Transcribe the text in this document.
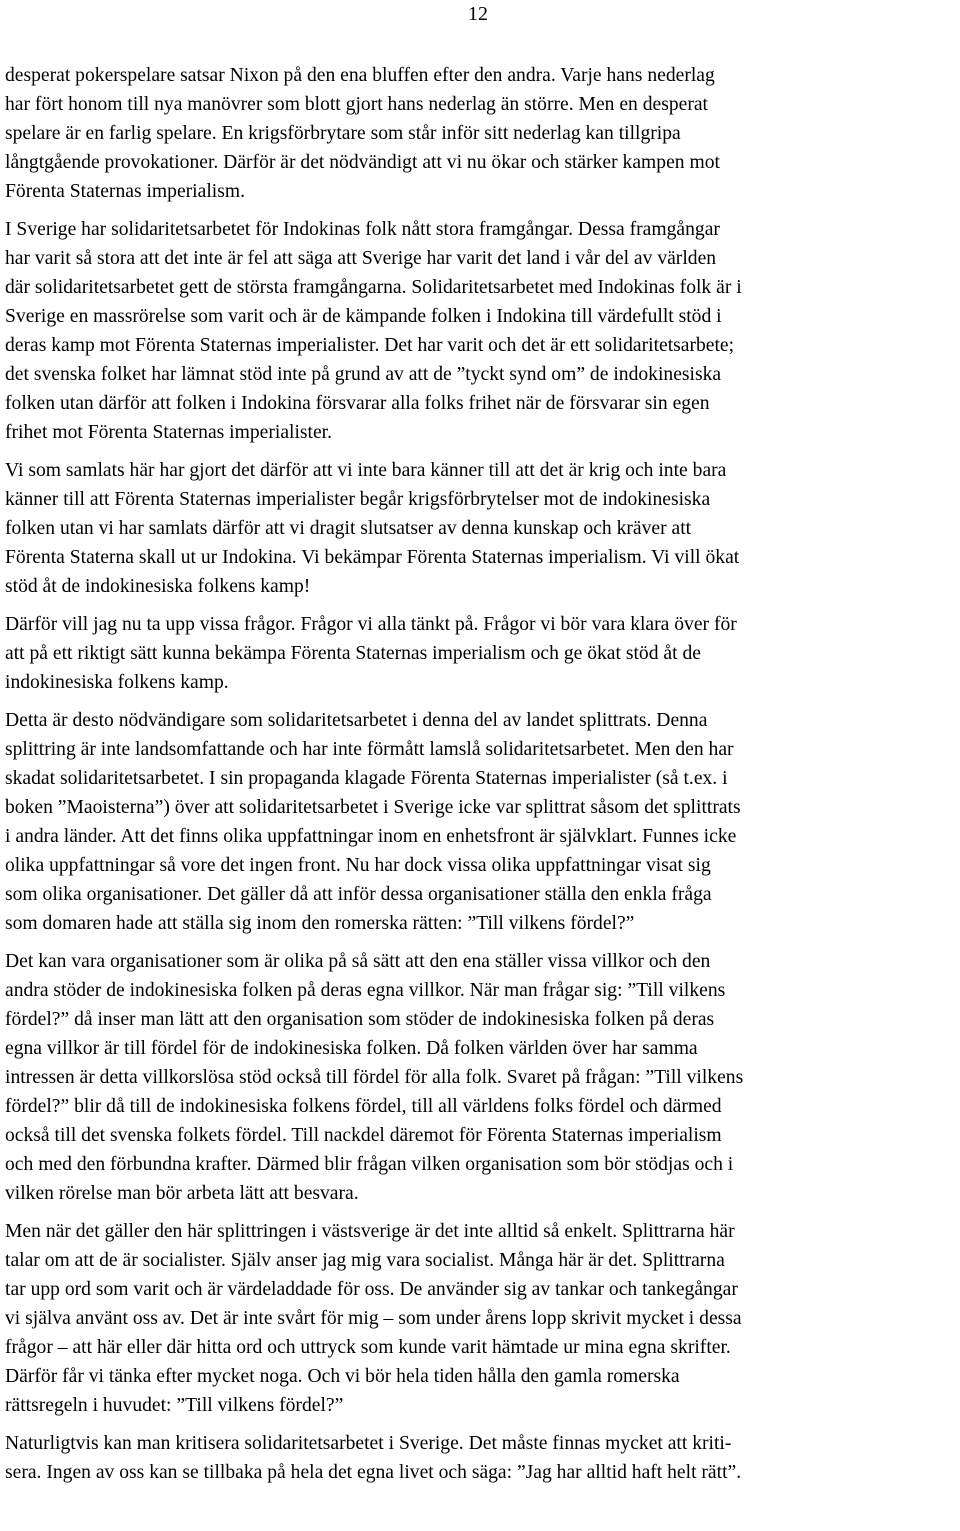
12

desperat pokerspelare satsar Nixon på den ena bluffen efter den andra. Varje hans nederlag
har fört honom till nya manövrer som blott gjort hans nederlag än större. Men en desperat
spelare är en farlig spelare. En krigsförbrytare som står inför sitt nederlag kan tillgripa
långtgående provokationer. Därför är det nödvändigt att vi nu ökar och stärker kampen mot
Förenta Staternas imperialism.

I Sverige har solidaritetsarbetet för Indokinas folk nått stora framgångar. Dessa framgångar
har varit så stora att det inte är fel att säga att Sverige har varit det land i vår del av världen
där solidaritetsarbetet gett de största framgångarna. Solidaritetsarbetet med Indokinas folk är i
Sverige en massrörelse som varit och är de kämpande folken i Indokina till värdefullt stöd i
deras kamp mot Förenta Staternas imperialister. Det har varit och det är ett solidaritetsarbete;
det svenska folket har lämnat stöd inte på grund av att de ”tyckt synd om” de indokinesiska
folken utan därför att folken i Indokina försvarar alla folks frihet när de försvarar sin egen
frihet mot Förenta Staternas imperialister.

Vi som samlats här har gjort det därför att vi inte bara känner till att det är krig och inte bara
känner till att Förenta Staternas imperialister begår krigsförbrytelser mot de indokinesiska
folken utan vi har samlats därför att vi dragit slutsatser av denna kunskap och kräver att
Förenta Staterna skall ut ur Indokina. Vi bekämpar Förenta Staternas imperialism. Vi vill ökat
stöd åt de indokinesiska folkens kamp!

Därför vill jag nu ta upp vissa frågor. Frågor vi alla tänkt på. Frågor vi bör vara klara över för
att på ett riktigt sätt kunna bekämpa Förenta Staternas imperialism och ge ökat stöd åt de
indokinesiska folkens kamp.

Detta är desto nödvändigare som solidaritetsarbetet i denna del av landet splittrats. Denna
splittring är inte landsomfattande och har inte förmått lamslå solidaritetsarbetet. Men den har
skadat solidaritetsarbetet. I sin propaganda klagade Förenta Staternas imperialister (så t.ex. i
boken ”Maoisterna”) över att solidaritetsarbetet i Sverige icke var splittrat såsom det splittrats
i andra länder. Att det finns olika uppfattningar inom en enhetsfront är självklart. Funnes icke
olika uppfattningar så vore det ingen front. Nu har dock vissa olika uppfattningar visat sig
som olika organisationer. Det gäller då att inför dessa organisationer ställa den enkla fråga
som domaren hade att ställa sig inom den romerska rätten: ”Till vilkens fördel?”

Det kan vara organisationer som är olika på så sätt att den ena ställer vissa villkor och den
andra stöder de indokinesiska folken på deras egna villkor. När man frågar sig: ”Till vilkens
fördel?” då inser man lätt att den organisation som stöder de indokinesiska folken på deras
egna villkor är till fördel för de indokinesiska folken. Då folken världen över har samma
intressen är detta villkorslösa stöd också till fördel för alla folk. Svaret på frågan: ”Till vilkens
fördel?” blir då till de indokinesiska folkens fördel, till all världens folks fördel och därmed
också till det svenska folkets fördel. Till nackdel däremot för Förenta Staternas imperialism
och med den förbundna krafter. Därmed blir frågan vilken organisation som bör stödjas och i
vilken rörelse man bör arbeta lätt att besvara.

Men när det gäller den här splittringen i västsverige är det inte alltid så enkelt. Splittrarna här
talar om att de är socialister. Själv anser jag mig vara socialist. Många här är det. Splittrarna
tar upp ord som varit och är värdeladdade för oss. De använder sig av tankar och tankegångar
vi själva använt oss av. Det är inte svårt för mig – som under årens lopp skrivit mycket i dessa
frågor – att här eller där hitta ord och uttryck som kunde varit hämtade ur mina egna skrifter.
Därför får vi tänka efter mycket noga. Och vi bör hela tiden hålla den gamla romerska
rättsregeln i huvudet: ”Till vilkens fördel?”

Naturligtvis kan man kritisera solidaritetsarbetet i Sverige. Det måste finnas mycket att kriti-
sera. Ingen av oss kan se tillbaka på hela det egna livet och säga: ”Jag har alltid haft helt rätt”.
